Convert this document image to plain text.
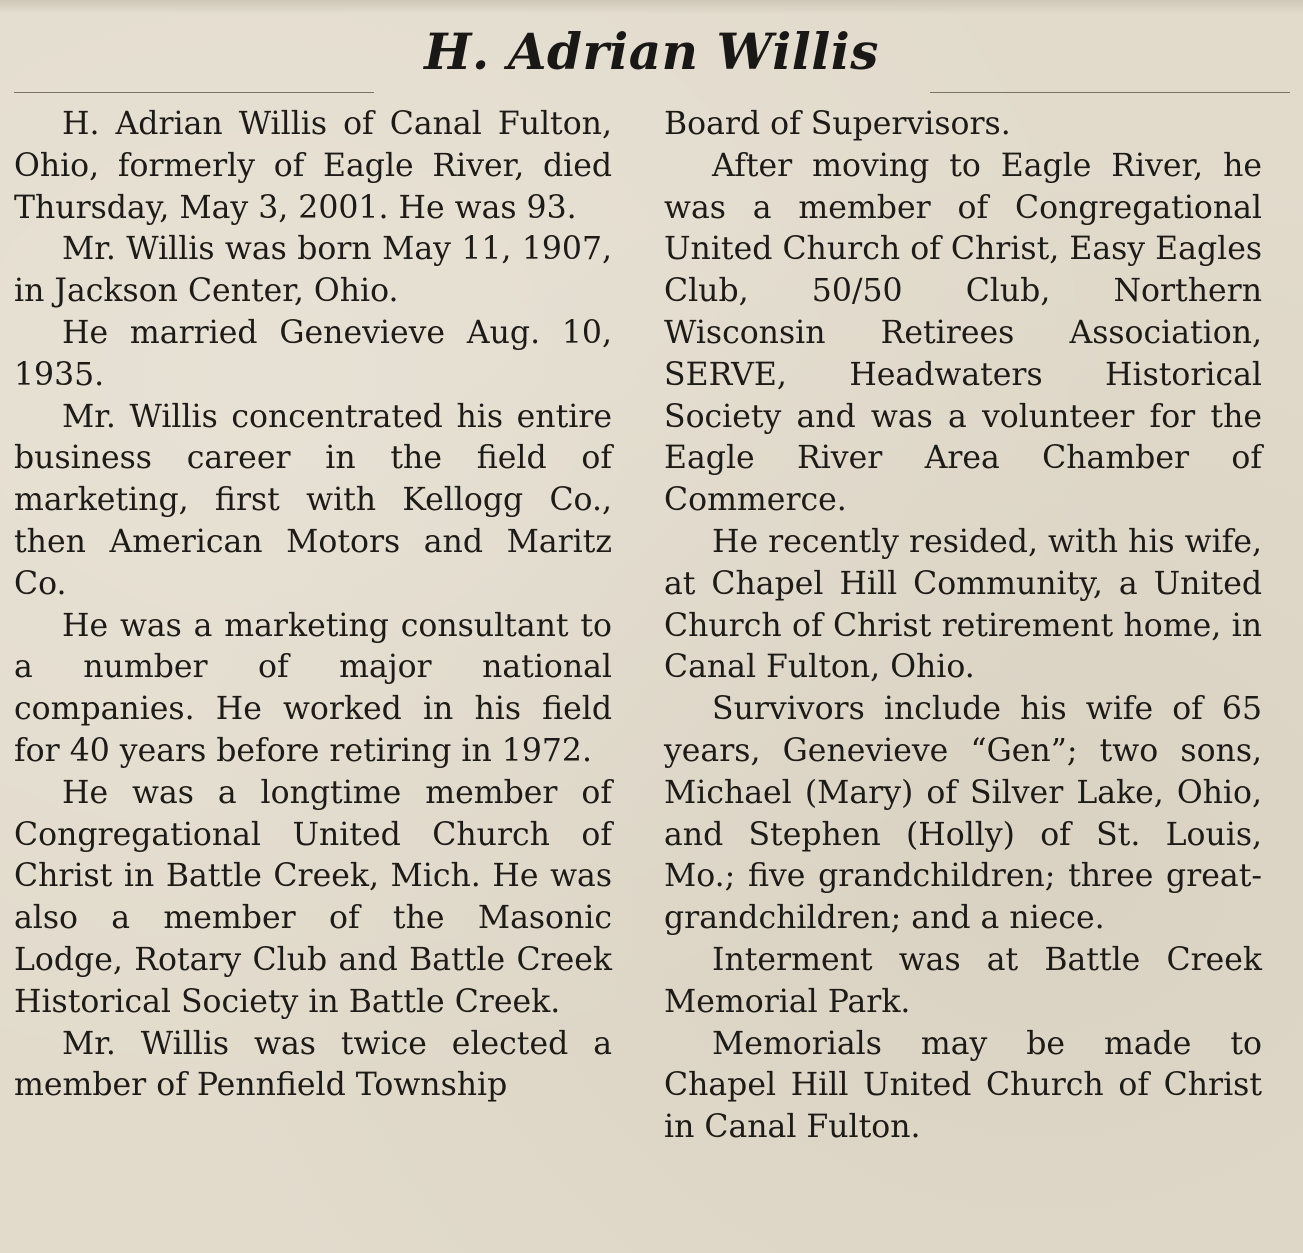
H. Adrian Willis

H. Adrian Willis of Canal Fulton, Ohio, formerly of Eagle River, died Thursday, May 3, 2001. He was 93.

Mr. Willis was born May 11, 1907, in Jackson Center, Ohio.

He married Genevieve Aug. 10, 1935.

Mr. Willis concentrated his entire business career in the field of marketing, first with Kellogg Co., then American Motors and Maritz Co.

He was a marketing consultant to a number of major national companies. He worked in his field for 40 years before retiring in 1972.

He was a longtime member of Congregational United Church of Christ in Battle Creek, Mich. He was also a member of the Masonic Lodge, Rotary Club and Battle Creek Historical Society in Battle Creek.

Mr. Willis was twice elected a member of Pennfield Township

Board of Supervisors.

After moving to Eagle River, he was a member of Congregational United Church of Christ, Easy Eagles Club, 50/50 Club, Northern Wisconsin Retirees Association, SERVE, Headwaters Historical Society and was a volunteer for the Eagle River Area Chamber of Commerce.

He recently resided, with his wife, at Chapel Hill Community, a United Church of Christ retirement home, in Canal Fulton, Ohio.

Survivors include his wife of 65 years, Genevieve “Gen”; two sons, Michael (Mary) of Silver Lake, Ohio, and Stephen (Holly) of St. Louis, Mo.; five grandchildren; three great-grandchildren; and a niece.

Interment was at Battle Creek Memorial Park.

Memorials may be made to Chapel Hill United Church of Christ in Canal Fulton.
